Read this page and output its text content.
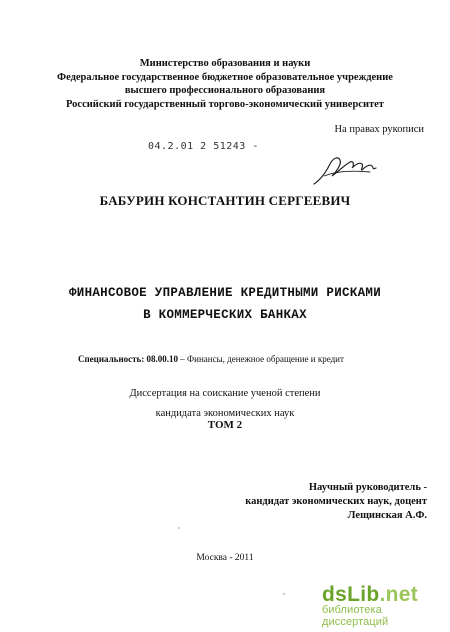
Министерство образования и науки
Федеральное государственное бюджетное образовательное учреждение
высшего профессионального образования
Российский государственный торгово-экономический университет
На правах рукописи
04.2.01 2 51243 -
БАБУРИН КОНСТАНТИН СЕРГЕЕВИЧ
ФИНАНСОВОЕ УПРАВЛЕНИЕ КРЕДИТНЫМИ РИСКАМИ
В КОММЕРЧЕСКИХ БАНКАХ
Специальность: 08.00.10 – Финансы, денежное обращение и кредит
Диссертация на соискание ученой степени
кандидата экономических наук
ТОМ 2
Научный руководитель -
кандидат экономических наук, доцент
Лещинская А.Ф.
Москва - 2011
dsLib.net
библиотека диссертаций
